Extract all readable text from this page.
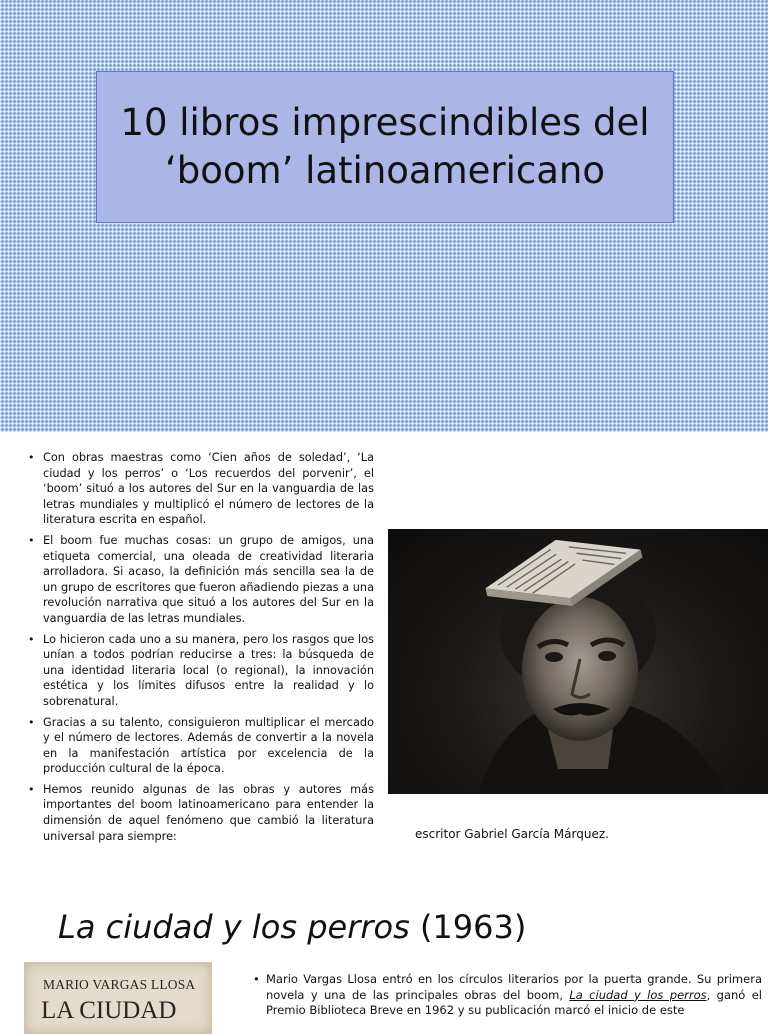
10 libros imprescindibles del
‘boom’ latinoamericano
• Con obras maestras como ‘Cien años de soledad’, ‘La ciudad y los perros’ o ‘Los recuerdos del porvenir’, el ‘boom’ situó a los autores del Sur en la vanguardia de las letras mundiales y multiplicó el número de lectores de la literatura escrita en español.
• El boom fue muchas cosas: un grupo de amigos, una etiqueta comercial, una oleada de creatividad literaria arrolladora. Si acaso, la definición más sencilla sea la de un grupo de escritores que fueron añadiendo piezas a una revolución narrativa que situó a los autores del Sur en la vanguardia de las letras mundiales.
• Lo hicieron cada uno a su manera, pero los rasgos que los unían a todos podrían reducirse a tres: la búsqueda de una identidad literaria local (o regional), la innovación estética y los límites difusos entre la realidad y lo sobrenatural.
• Gracias a su talento, consiguieron multiplicar el mercado y el número de lectores. Además de convertir a la novela en la manifestación artística por excelencia de la producción cultural de la época.
• Hemos reunido algunas de las obras y autores más importantes del boom latinoamericano para entender la dimensión de aquel fenómeno que cambió la literatura universal para siempre:	escritor Gabriel García Márquez.
La ciudad y los perros (1963)
MARIO VARGAS LLOSA
LA CIUDAD
• Mario Vargas Llosa entró en los círculos literarios por la puerta grande. Su primera novela y una de las principales obras del boom, La ciudad y los perros, ganó el Premio Biblioteca Breve en 1962 y su publicación marcó el inicio de este
